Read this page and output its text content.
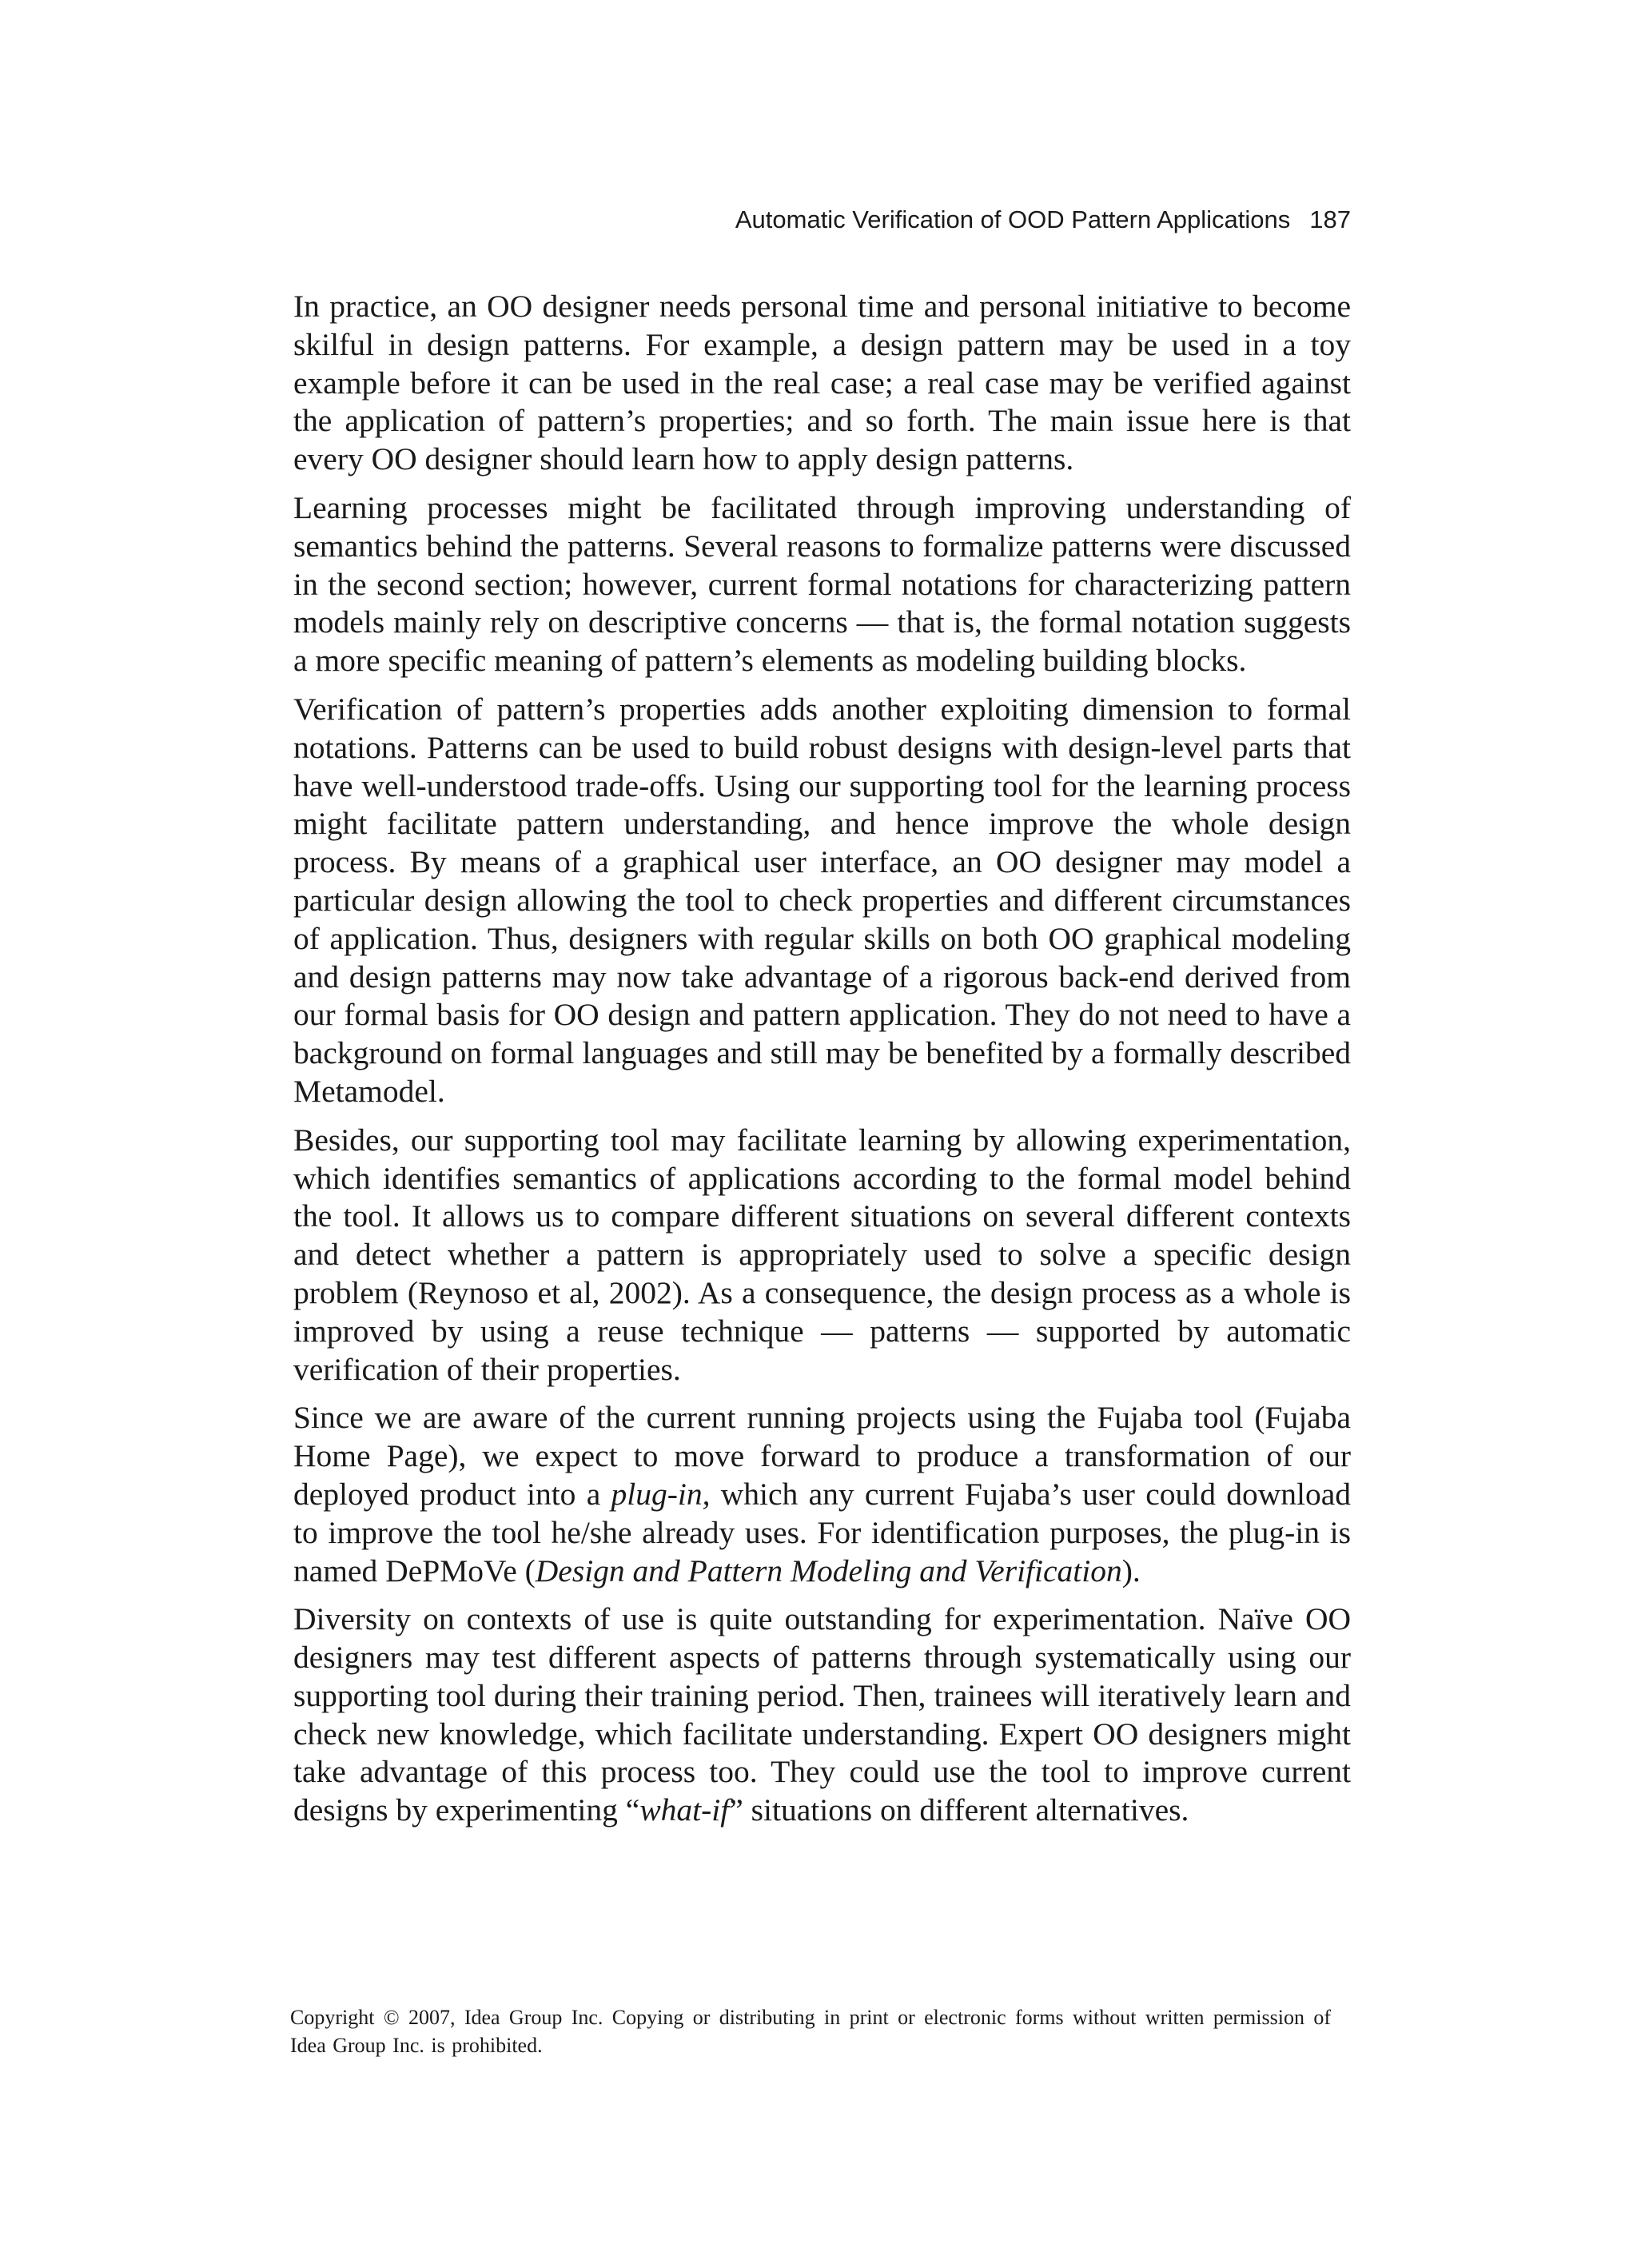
Automatic Verification of OOD Pattern Applications 187

In practice, an OO designer needs personal time and personal initiative to become skilful in design patterns. For example, a design pattern may be used in a toy example before it can be used in the real case; a real case may be verified against the application of pattern’s properties; and so forth. The main issue here is that every OO designer should learn how to apply design patterns.

Learning processes might be facilitated through improving understanding of semantics behind the patterns. Several reasons to formalize patterns were discussed in the second section; however, current formal notations for characterizing pattern models mainly rely on descriptive concerns — that is, the formal notation suggests a more specific meaning of pattern’s elements as modeling building blocks.

Verification of pattern’s properties adds another exploiting dimension to formal notations. Patterns can be used to build robust designs with design-level parts that have well-understood trade-offs. Using our supporting tool for the learning process might facilitate pattern understanding, and hence improve the whole design process. By means of a graphical user interface, an OO designer may model a particular design allowing the tool to check properties and different circumstances of application. Thus, designers with regular skills on both OO graphical modeling and design patterns may now take advantage of a rigorous back-end derived from our formal basis for OO design and pattern application. They do not need to have a background on formal languages and still may be benefited by a formally described Metamodel.

Besides, our supporting tool may facilitate learning by allowing experimentation, which identifies semantics of applications according to the formal model behind the tool. It allows us to compare different situations on several different contexts and detect whether a pattern is appropriately used to solve a specific design problem (Reynoso et al, 2002). As a consequence, the design process as a whole is improved by using a reuse technique — patterns — supported by automatic verification of their properties.

Since we are aware of the current running projects using the Fujaba tool (Fujaba Home Page), we expect to move forward to produce a transformation of our deployed product into a plug-in, which any current Fujaba’s user could download to improve the tool he/she already uses. For identification purposes, the plug-in is named DePMoVe (Design and Pattern Modeling and Verification).

Diversity on contexts of use is quite outstanding for experimentation. Naïve OO designers may test different aspects of patterns through systematically using our supporting tool during their training period. Then, trainees will iteratively learn and check new knowledge, which facilitate understanding. Expert OO designers might take advantage of this process too. They could use the tool to improve current designs by experimenting “what-if” situations on different alternatives.

Copyright © 2007, Idea Group Inc. Copying or distributing in print or electronic forms without written permission of Idea Group Inc. is prohibited.
